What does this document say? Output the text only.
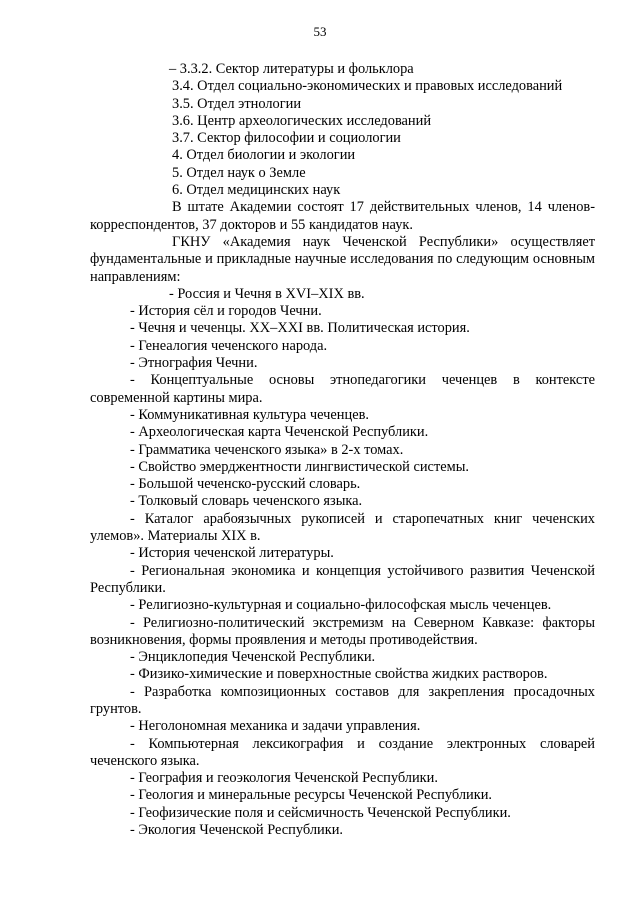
53
– 3.3.2. Сектор литературы и фольклора
3.4. Отдел социально-экономических и правовых исследований
3.5. Отдел этнологии
3.6. Центр археологических исследований
3.7. Сектор философии и социологии
4. Отдел биологии и экологии
5. Отдел наук о Земле
6. Отдел медицинских наук
В штате Академии состоят 17 действительных членов, 14 членов-корреспондентов, 37 докторов и 55 кандидатов наук.
ГКНУ «Академия наук Чеченской Республики» осуществляет фундаментальные и прикладные научные исследования по следующим основным направлениям:
- Россия и Чечня в XVI–XIX вв.
- История сёл и городов Чечни.
- Чечня и чеченцы. XX–XXI вв. Политическая история.
- Генеалогия чеченского народа.
- Этнография Чечни.
- Концептуальные основы этнопедагогики чеченцев в контексте современной картины мира.
- Коммуникативная культура чеченцев.
- Археологическая карта Чеченской Республики.
- Грамматика чеченского языка» в 2-х томах.
- Свойство эмерджентности лингвистической системы.
- Большой чеченско-русский словарь.
- Толковый словарь чеченского языка.
- Каталог арабоязычных рукописей и старопечатных книг чеченских улемов». Материалы XIX в.
- История чеченской литературы.
- Региональная экономика и концепция устойчивого развития Чеченской Республики.
- Религиозно-культурная и социально-философская мысль чеченцев.
- Религиозно-политический экстремизм на Северном Кавказе: факторы возникновения, формы проявления и методы противодействия.
- Энциклопедия Чеченской Республики.
- Физико-химические и поверхностные свойства жидких растворов.
- Разработка композиционных составов для закрепления просадочных грунтов.
- Неголономная механика и задачи управления.
- Компьютерная лексикография и создание электронных словарей чеченского языка.
- География и геоэкология Чеченской Республики.
- Геология и минеральные ресурсы Чеченской Республики.
- Геофизические поля и сейсмичность Чеченской Республики.
- Экология Чеченской Республики.
